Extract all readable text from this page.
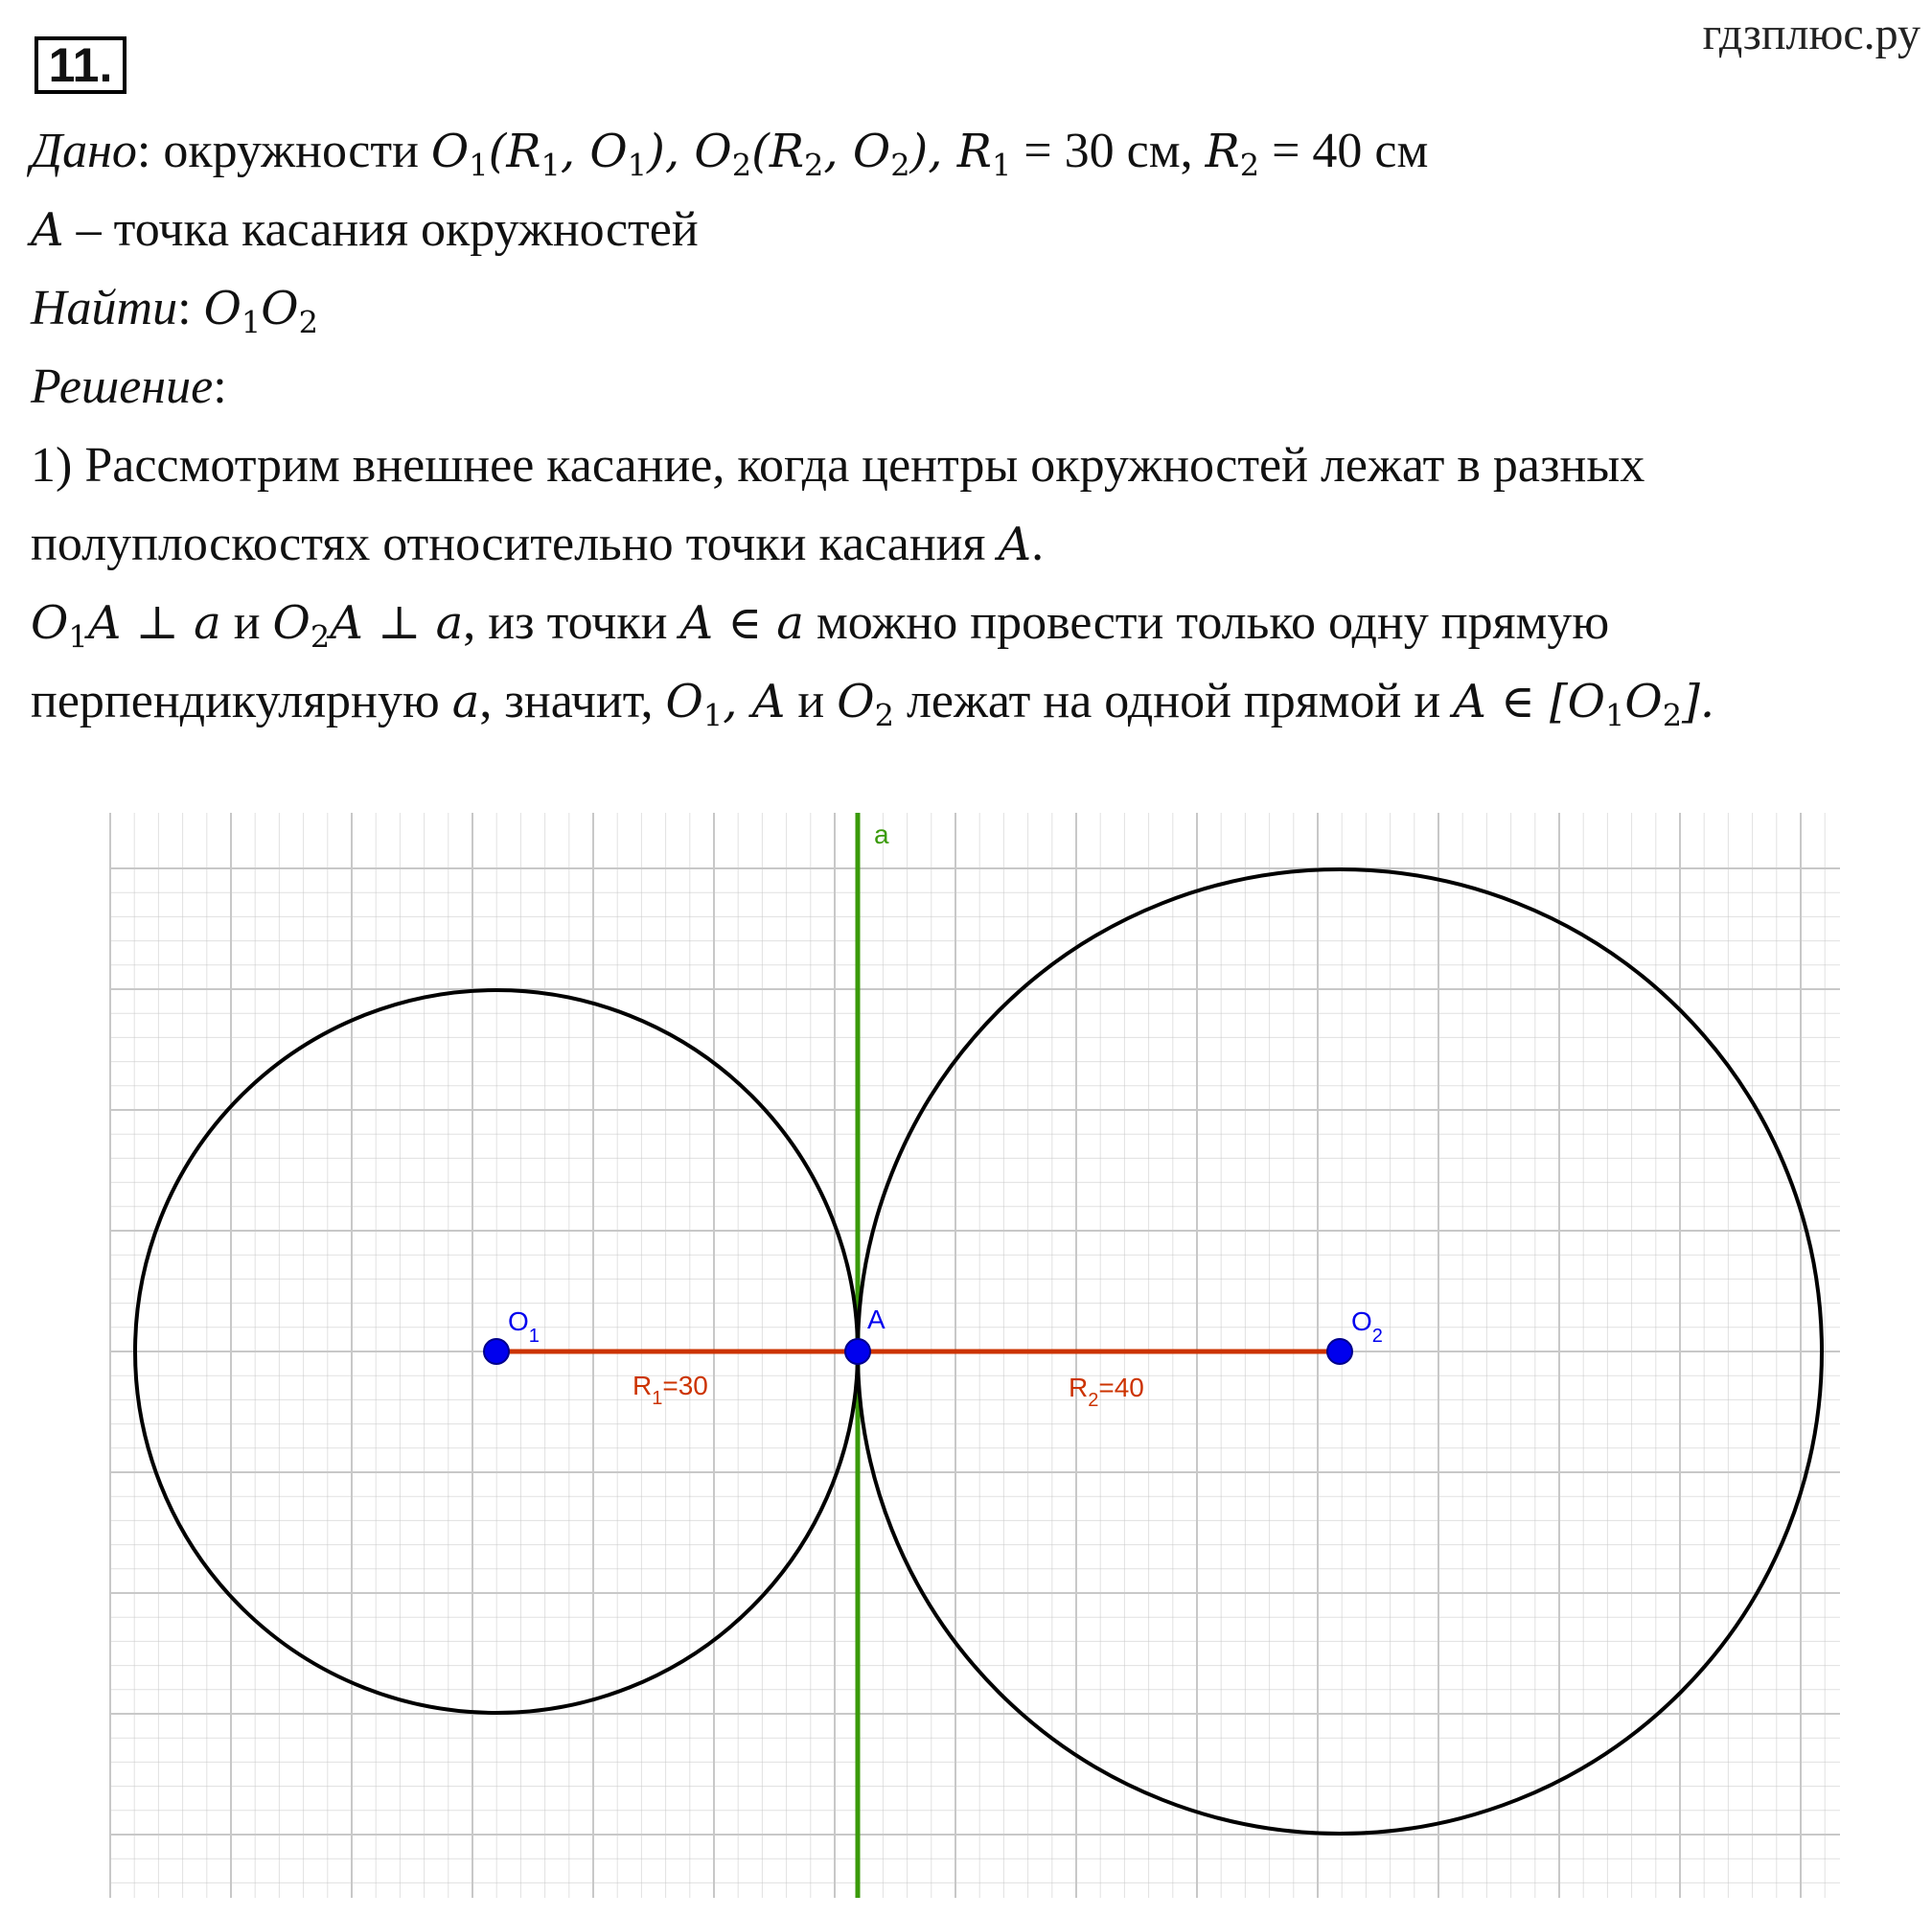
11.
гдзплюс.ру
Дано: окружности $O_1(R_1$, $O_1$), $O_2(R_2$, $O_2$), $R_1 = 30$ см, $R_2 = 40$ см
A – точка касания окружностей
Найти: $O_1O_2$
Решение:
1) Рассмотрим внешнее касание, когда центры окружностей лежат в разных
полуплоскостях относительно точки касания A.
$O_1A$ ⊥ a и $O_2A$ ⊥ a, из точки A ∈ a можно провести только одну прямую
перпендикулярную a, значит, $O_1$, A и $O_2$ лежат на одной прямой и A ∈ $[O_1O_2]$.
a
$O_1$
A	$O_2$
$R_1=30$	$R_2=40$
